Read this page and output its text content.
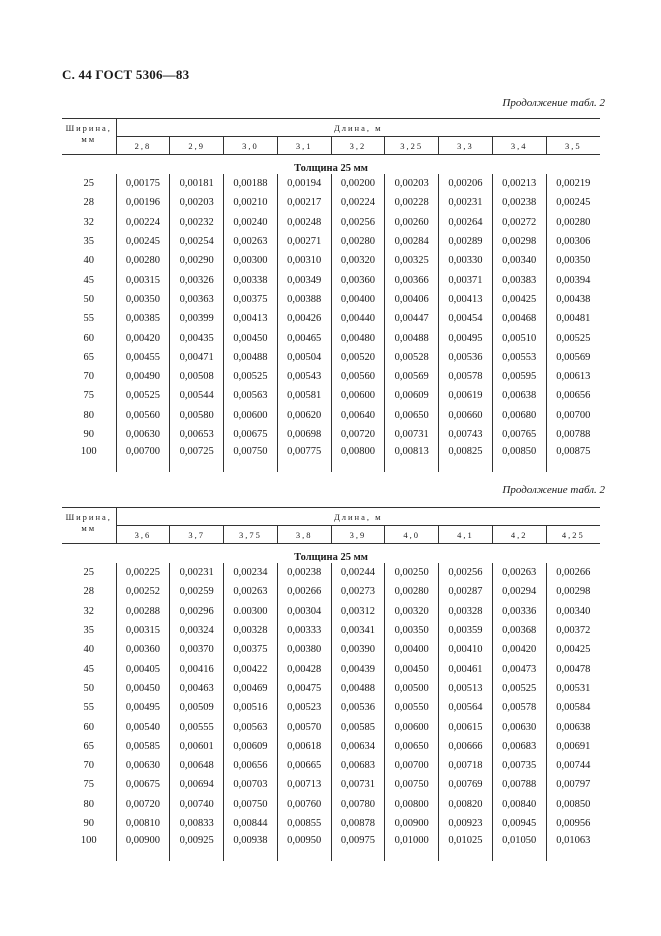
С. 44 ГОСТ 5306—83
Продолжение табл. 2
Ширина,
мм	Длина, м								
	2,8	2,9	3,0	3,1	3,2	3,25	3,3	3,4	3,5
Толщина 25 мм									
25	0,00175	0,00181	0,00188	0,00194	0,00200	0,00203	0,00206	0,00213	0,00219
28	0,00196	0,00203	0,00210	0,00217	0,00224	0,00228	0,00231	0,00238	0,00245
32	0,00224	0,00232	0,00240	0,00248	0,00256	0,00260	0,00264	0,00272	0,00280
35	0,00245	0,00254	0,00263	0,00271	0,00280	0,00284	0,00289	0,00298	0,00306
40	0,00280	0,00290	0,00300	0,00310	0,00320	0,00325	0,00330	0,00340	0,00350
45	0,00315	0,00326	0,00338	0,00349	0,00360	0,00366	0,00371	0,00383	0,00394
50	0,00350	0,00363	0,00375	0,00388	0,00400	0,00406	0,00413	0,00425	0,00438
55	0,00385	0,00399	0,00413	0,00426	0,00440	0,00447	0,00454	0,00468	0,00481
60	0,00420	0,00435	0,00450	0,00465	0,00480	0,00488	0,00495	0,00510	0,00525
65	0,00455	0,00471	0,00488	0,00504	0,00520	0,00528	0,00536	0,00553	0,00569
70	0,00490	0,00508	0,00525	0,00543	0,00560	0,00569	0,00578	0,00595	0,00613
75	0,00525	0,00544	0,00563	0,00581	0,00600	0,00609	0,00619	0,00638	0,00656
80	0,00560	0,00580	0,00600	0,00620	0,00640	0,00650	0,00660	0,00680	0,00700
90	0,00630	0,00653	0,00675	0,00698	0,00720	0,00731	0,00743	0,00765	0,00788
100	0,00700	0,00725	0,00750	0,00775	0,00800	0,00813	0,00825	0,00850	0,00875
Продолжение табл. 2
Ширина,
мм	Длина, м								
	3,6	3,7	3,75	3,8	3,9	4,0	4,1	4,2	4,25
Толщина 25 мм									
25	0,00225	0,00231	0,00234	0,00238	0,00244	0,00250	0,00256	0,00263	0,00266
28	0,00252	0,00259	0,00263	0,00266	0,00273	0,00280	0,00287	0,00294	0,00298
32	0,00288	0,00296	0.00300	0,00304	0,00312	0,00320	0,00328	0,00336	0,00340
35	0,00315	0,00324	0,00328	0,00333	0,00341	0,00350	0,00359	0,00368	0,00372
40	0,00360	0,00370	0,00375	0,00380	0,00390	0,00400	0,00410	0,00420	0,00425
45	0,00405	0,00416	0,00422	0,00428	0,00439	0,00450	0,00461	0,00473	0,00478
50	0,00450	0,00463	0,00469	0,00475	0,00488	0,00500	0,00513	0,00525	0,00531
55	0,00495	0,00509	0,00516	0,00523	0,00536	0,00550	0,00564	0,00578	0,00584
60	0,00540	0,00555	0,00563	0,00570	0,00585	0,00600	0,00615	0,00630	0,00638
65	0,00585	0,00601	0,00609	0,00618	0,00634	0,00650	0,00666	0,00683	0,00691
70	0,00630	0,00648	0,00656	0,00665	0,00683	0,00700	0,00718	0,00735	0,00744
75	0,00675	0,00694	0,00703	0,00713	0,00731	0,00750	0,00769	0,00788	0,00797
80	0,00720	0,00740	0,00750	0,00760	0,00780	0,00800	0,00820	0,00840	0,00850
90	0,00810	0,00833	0,00844	0,00855	0,00878	0,00900	0,00923	0,00945	0,00956
100	0,00900	0,00925	0,00938	0,00950	0,00975	0,01000	0,01025	0,01050	0,01063
